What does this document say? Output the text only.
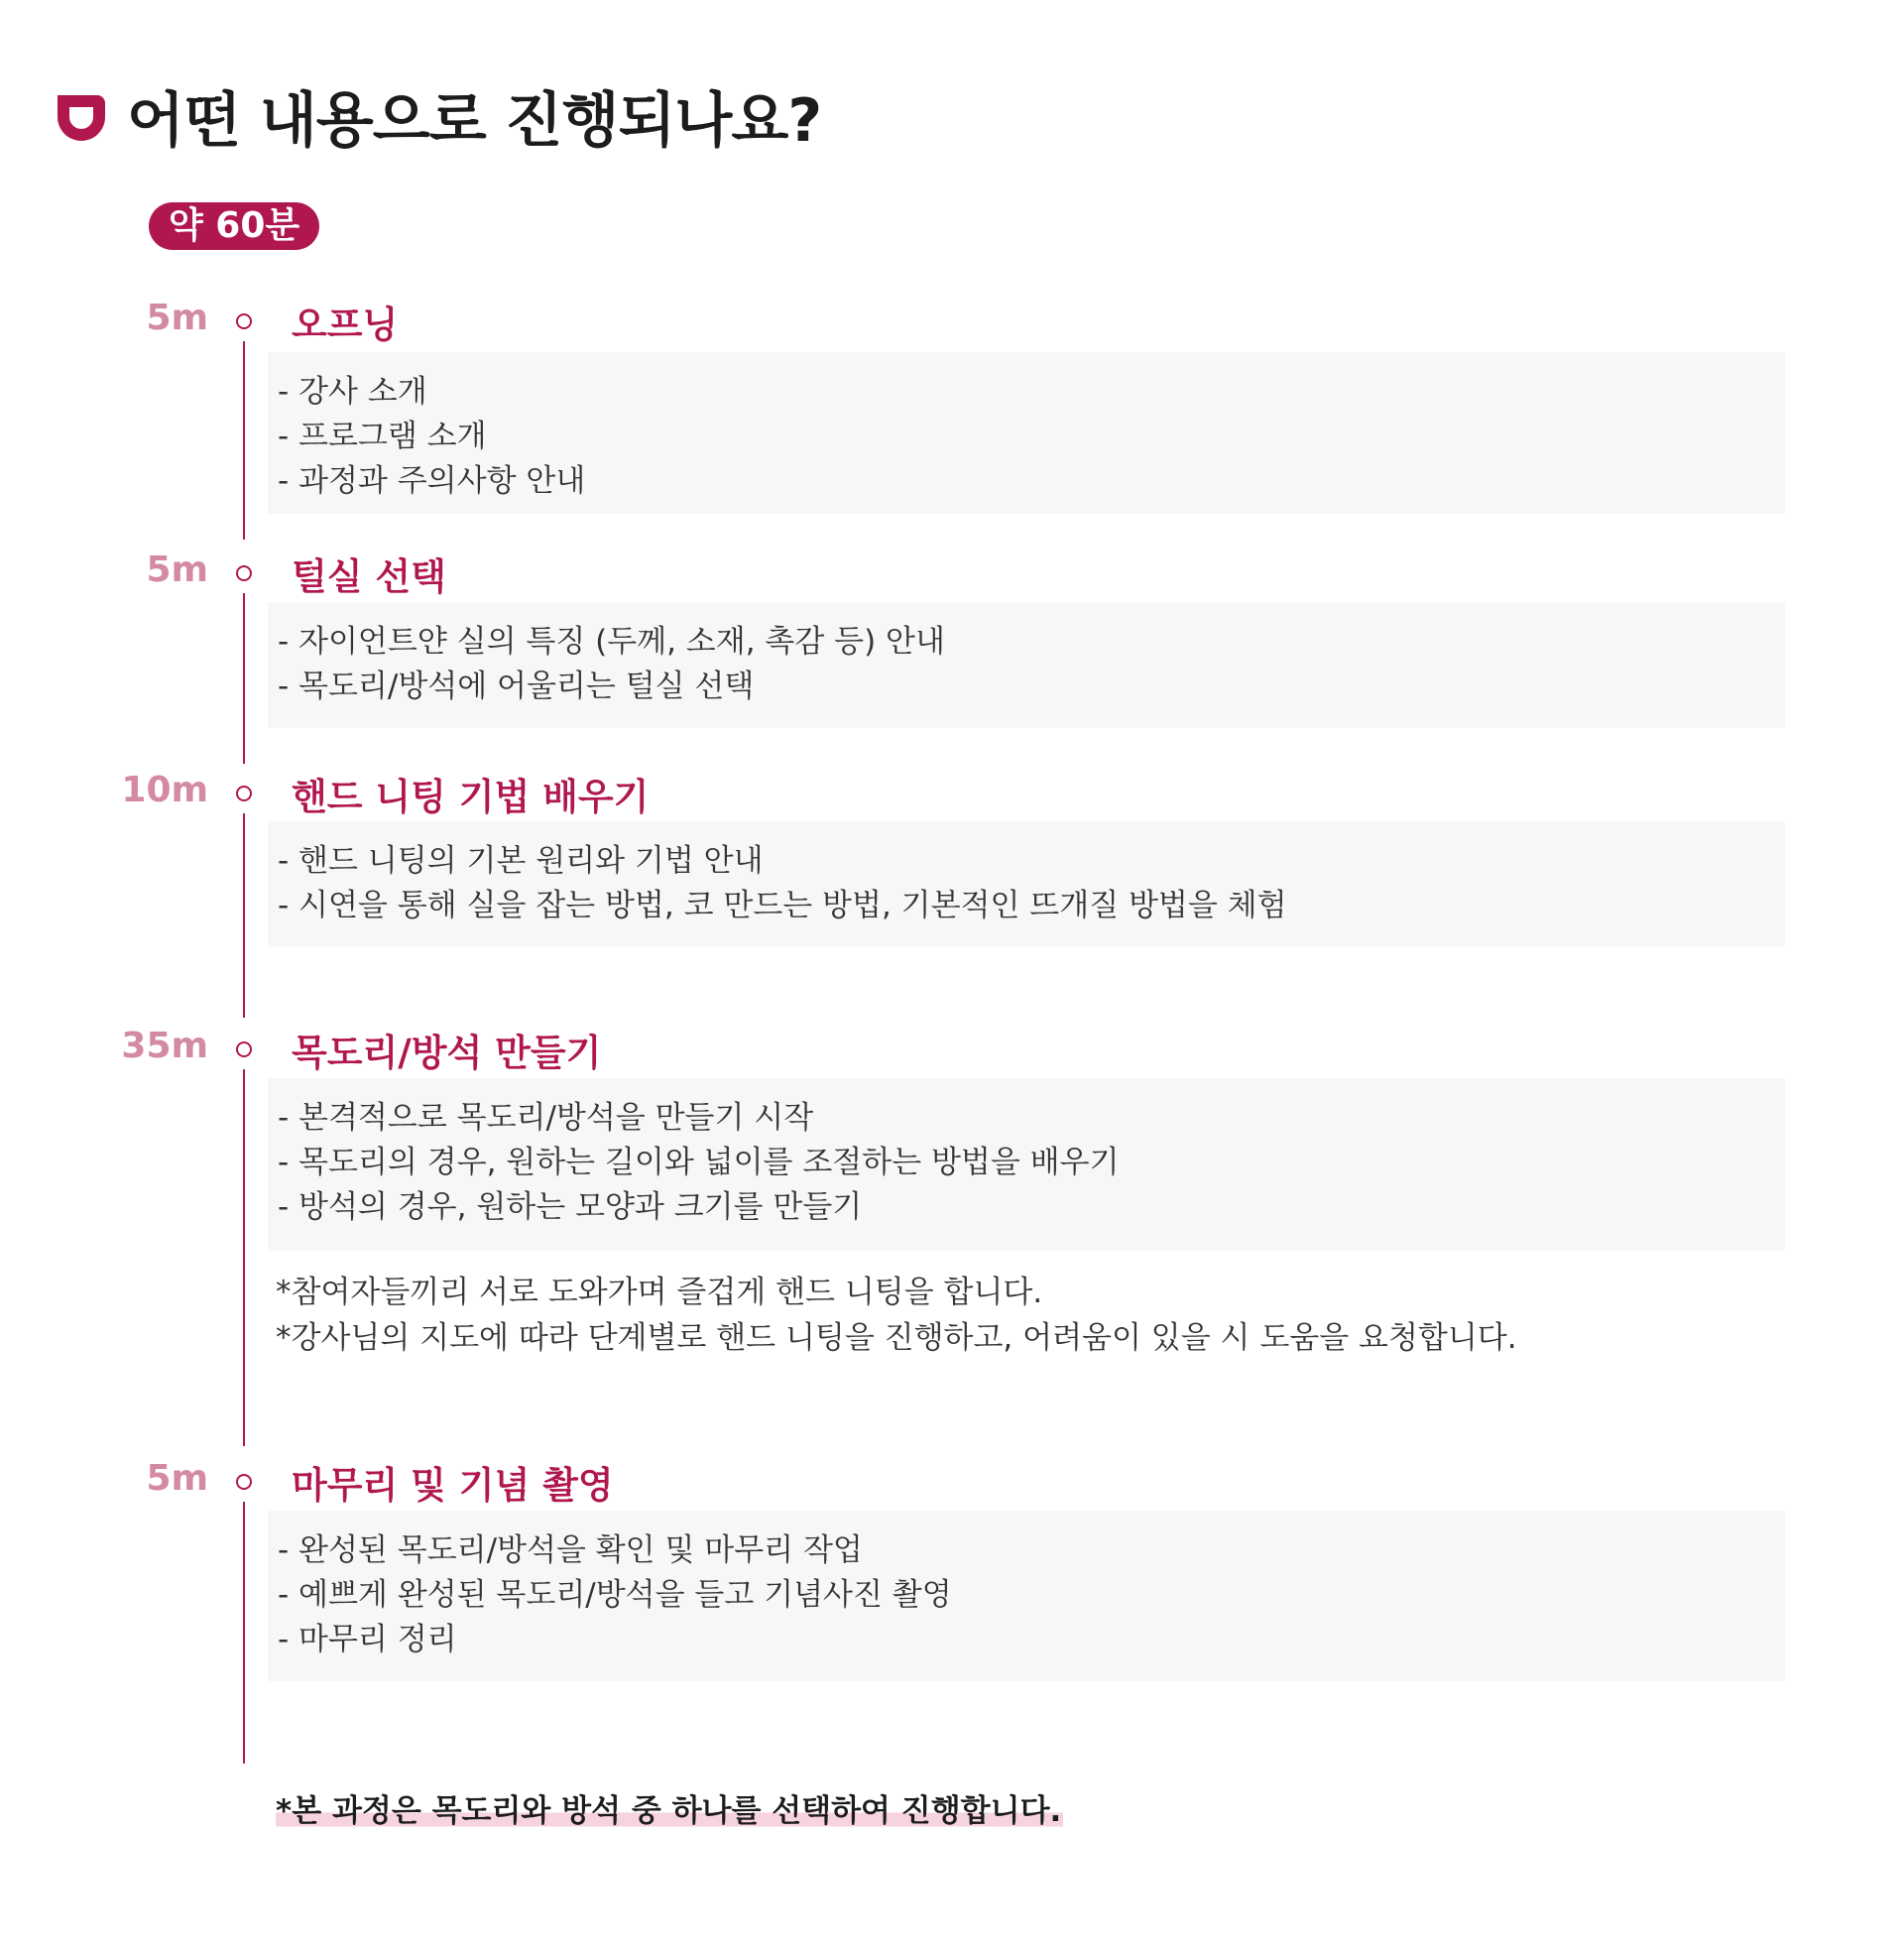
어떤 내용으로 진행되나요?
약 60분
5m 오프닝
- 강사 소개
- 프로그램 소개
- 과정과 주의사항 안내
5m 털실 선택
- 자이언트얀 실의 특징 (두께, 소재, 촉감 등) 안내
- 목도리/방석에 어울리는 털실 선택
10m 핸드 니팅 기법 배우기
- 핸드 니팅의 기본 원리와 기법 안내
- 시연을 통해 실을 잡는 방법, 코 만드는 방법, 기본적인 뜨개질 방법을 체험
35m 목도리/방석 만들기
- 본격적으로 목도리/방석을 만들기 시작
- 목도리의 경우, 원하는 길이와 넓이를 조절하는 방법을 배우기
- 방석의 경우, 원하는 모양과 크기를 만들기
*참여자들끼리 서로 도와가며 즐겁게 핸드 니팅을 합니다.
*강사님의 지도에 따라 단계별로 핸드 니팅을 진행하고, 어려움이 있을 시 도움을 요청합니다.
5m 마무리 및 기념 촬영
- 완성된 목도리/방석을 확인 및 마무리 작업
- 예쁘게 완성된 목도리/방석을 들고 기념사진 촬영
- 마무리 정리
*본 과정은 목도리와 방석 중 하나를 선택하여 진행합니다.
